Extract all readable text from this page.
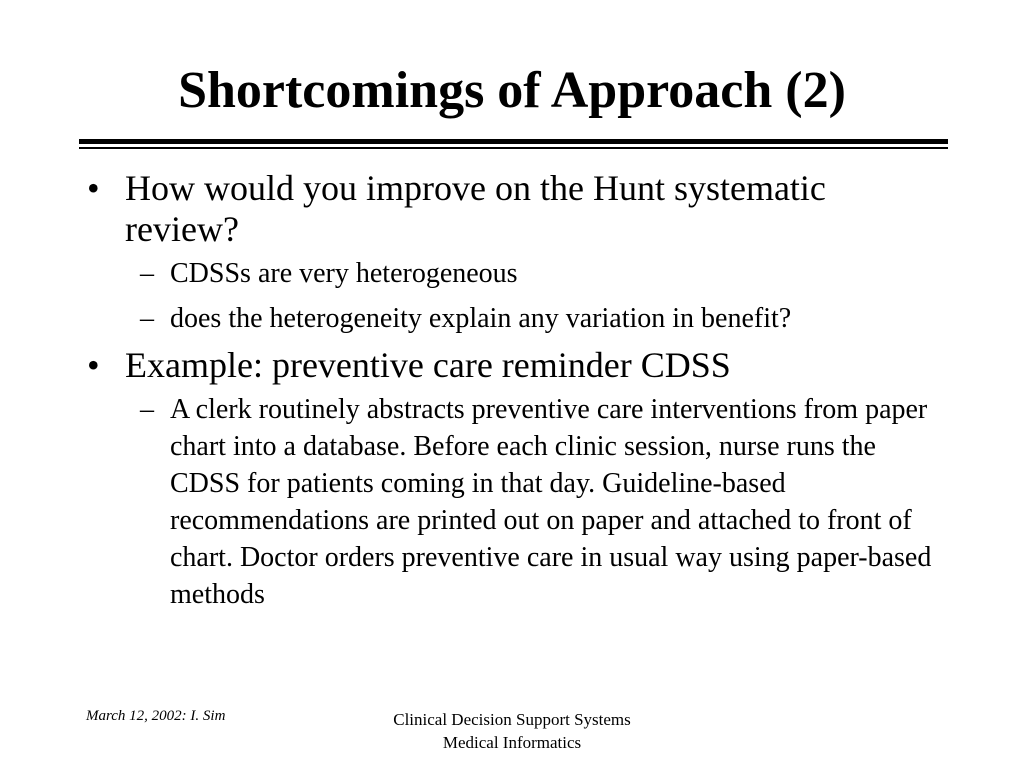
Shortcomings of Approach (2)
• How would you improve on the Hunt systematic review?
– CDSSs are very heterogeneous
– does the heterogeneity explain any variation in benefit?
• Example: preventive care reminder CDSS
– A clerk routinely abstracts preventive care interventions from paper chart into a database. Before each clinic session, nurse runs the CDSS for patients coming in that day. Guideline-based recommendations are printed out on paper and attached to front of chart. Doctor orders preventive care in usual way using paper-based methods
March 12, 2002: I. Sim	Clinical Decision Support Systems
Medical Informatics
